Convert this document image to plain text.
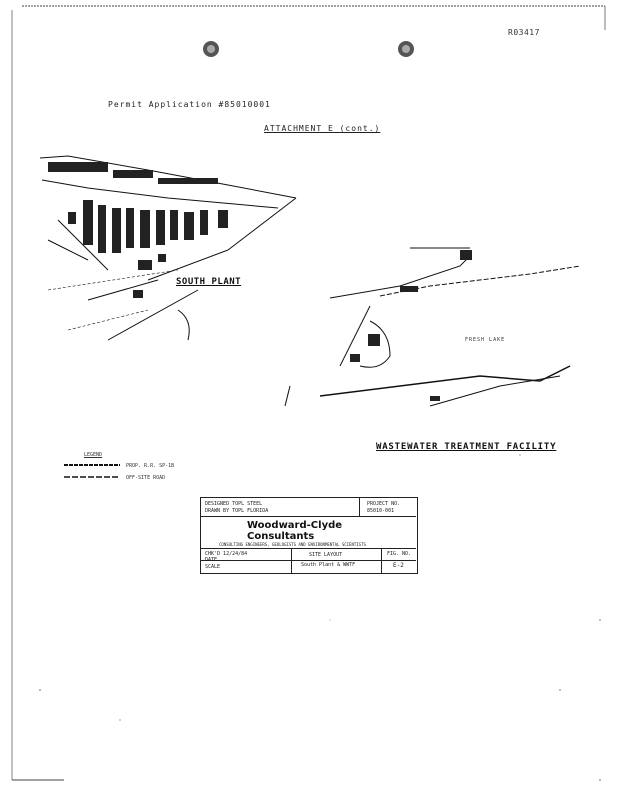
R03417
Permit Application #85010001
ATTACHMENT E (cont.)
SOUTH PLANT
FRESH LAKE
WASTEWATER TREATMENT FACILITY
LEGEND
PROP. R.R. SP-1B
OFF-SITE ROAD
DESIGNED TOPL STEEL
DRAWN BY TOPL FLORIDA
PROJECT NO.
85010-001
Woodward-Clyde
Consultants
CONSULTING ENGINEERS, GEOLOGISTS AND ENVIRONMENTAL SCIENTISTS
CHK'D 12/24/84
DATE
SCALE
SITE LAYOUT
South Plant & WWTF
FIG. NO.
E-2
